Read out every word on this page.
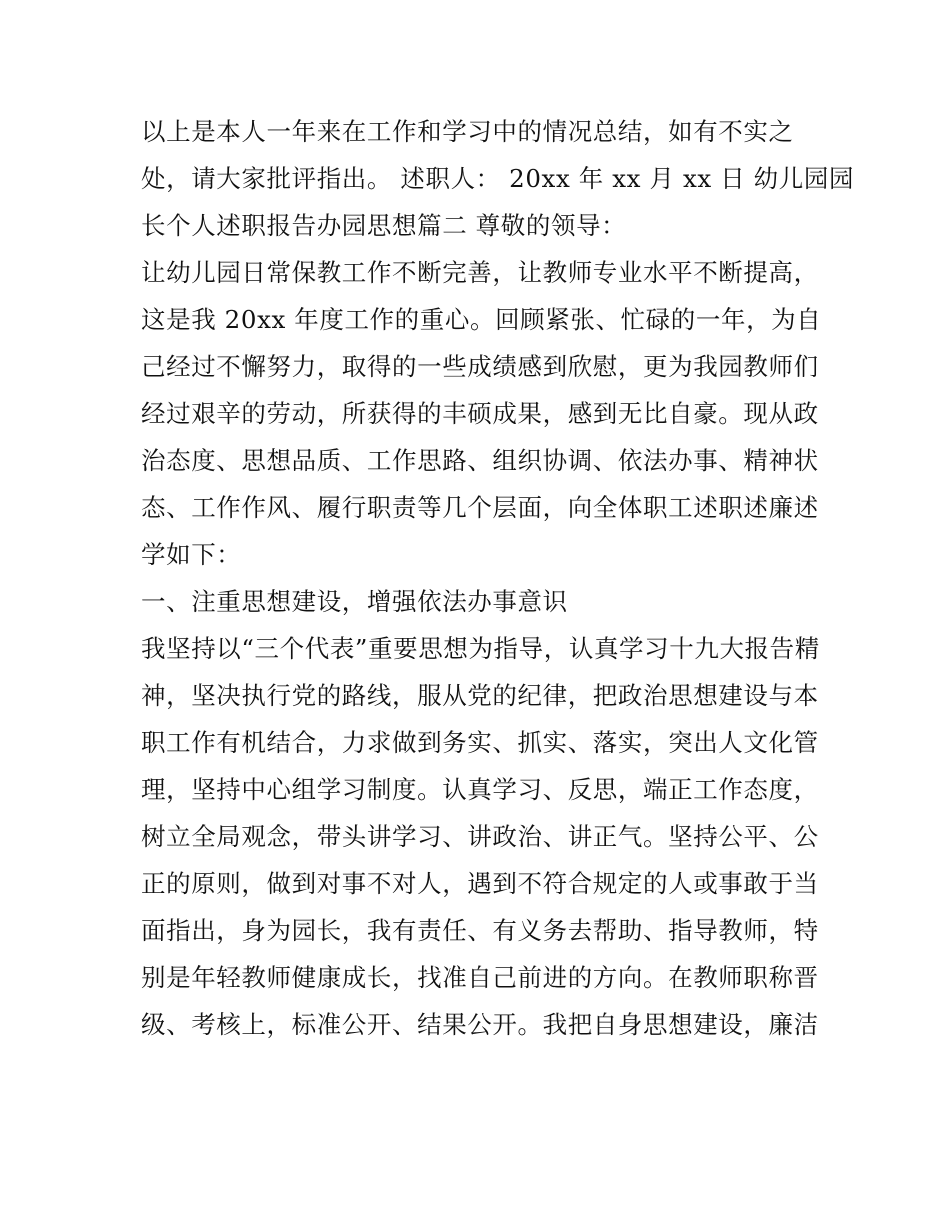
以上是本人一年来在工作和学习中的情况总结，如有不实之
处，请大家批评指出。 述职人： 20xx 年 xx 月 xx 日 幼儿园园
长个人述职报告办园思想篇二 尊敬的领导：
让幼儿园日常保教工作不断完善，让教师专业水平不断提高，
这是我 20xx 年度工作的重心。回顾紧张、忙碌的一年，为自
己经过不懈努力，取得的一些成绩感到欣慰，更为我园教师们
经过艰辛的劳动，所获得的丰硕成果，感到无比自豪。现从政
治态度、思想品质、工作思路、组织协调、依法办事、精神状
态、工作作风、履行职责等几个层面，向全体职工述职述廉述
学如下：
一、注重思想建设，增强依法办事意识
我坚持以“三个代表”重要思想为指导，认真学习十九大报告精
神，坚决执行党的路线，服从党的纪律，把政治思想建设与本
职工作有机结合，力求做到务实、抓实、落实，突出人文化管
理，坚持中心组学习制度。认真学习、反思，端正工作态度，
树立全局观念，带头讲学习、讲政治、讲正气。坚持公平、公
正的原则，做到对事不对人，遇到不符合规定的人或事敢于当
面指出，身为园长，我有责任、有义务去帮助、指导教师，特
别是年轻教师健康成长，找准自己前进的方向。在教师职称晋
级、考核上，标准公开、结果公开。我把自身思想建设，廉洁
